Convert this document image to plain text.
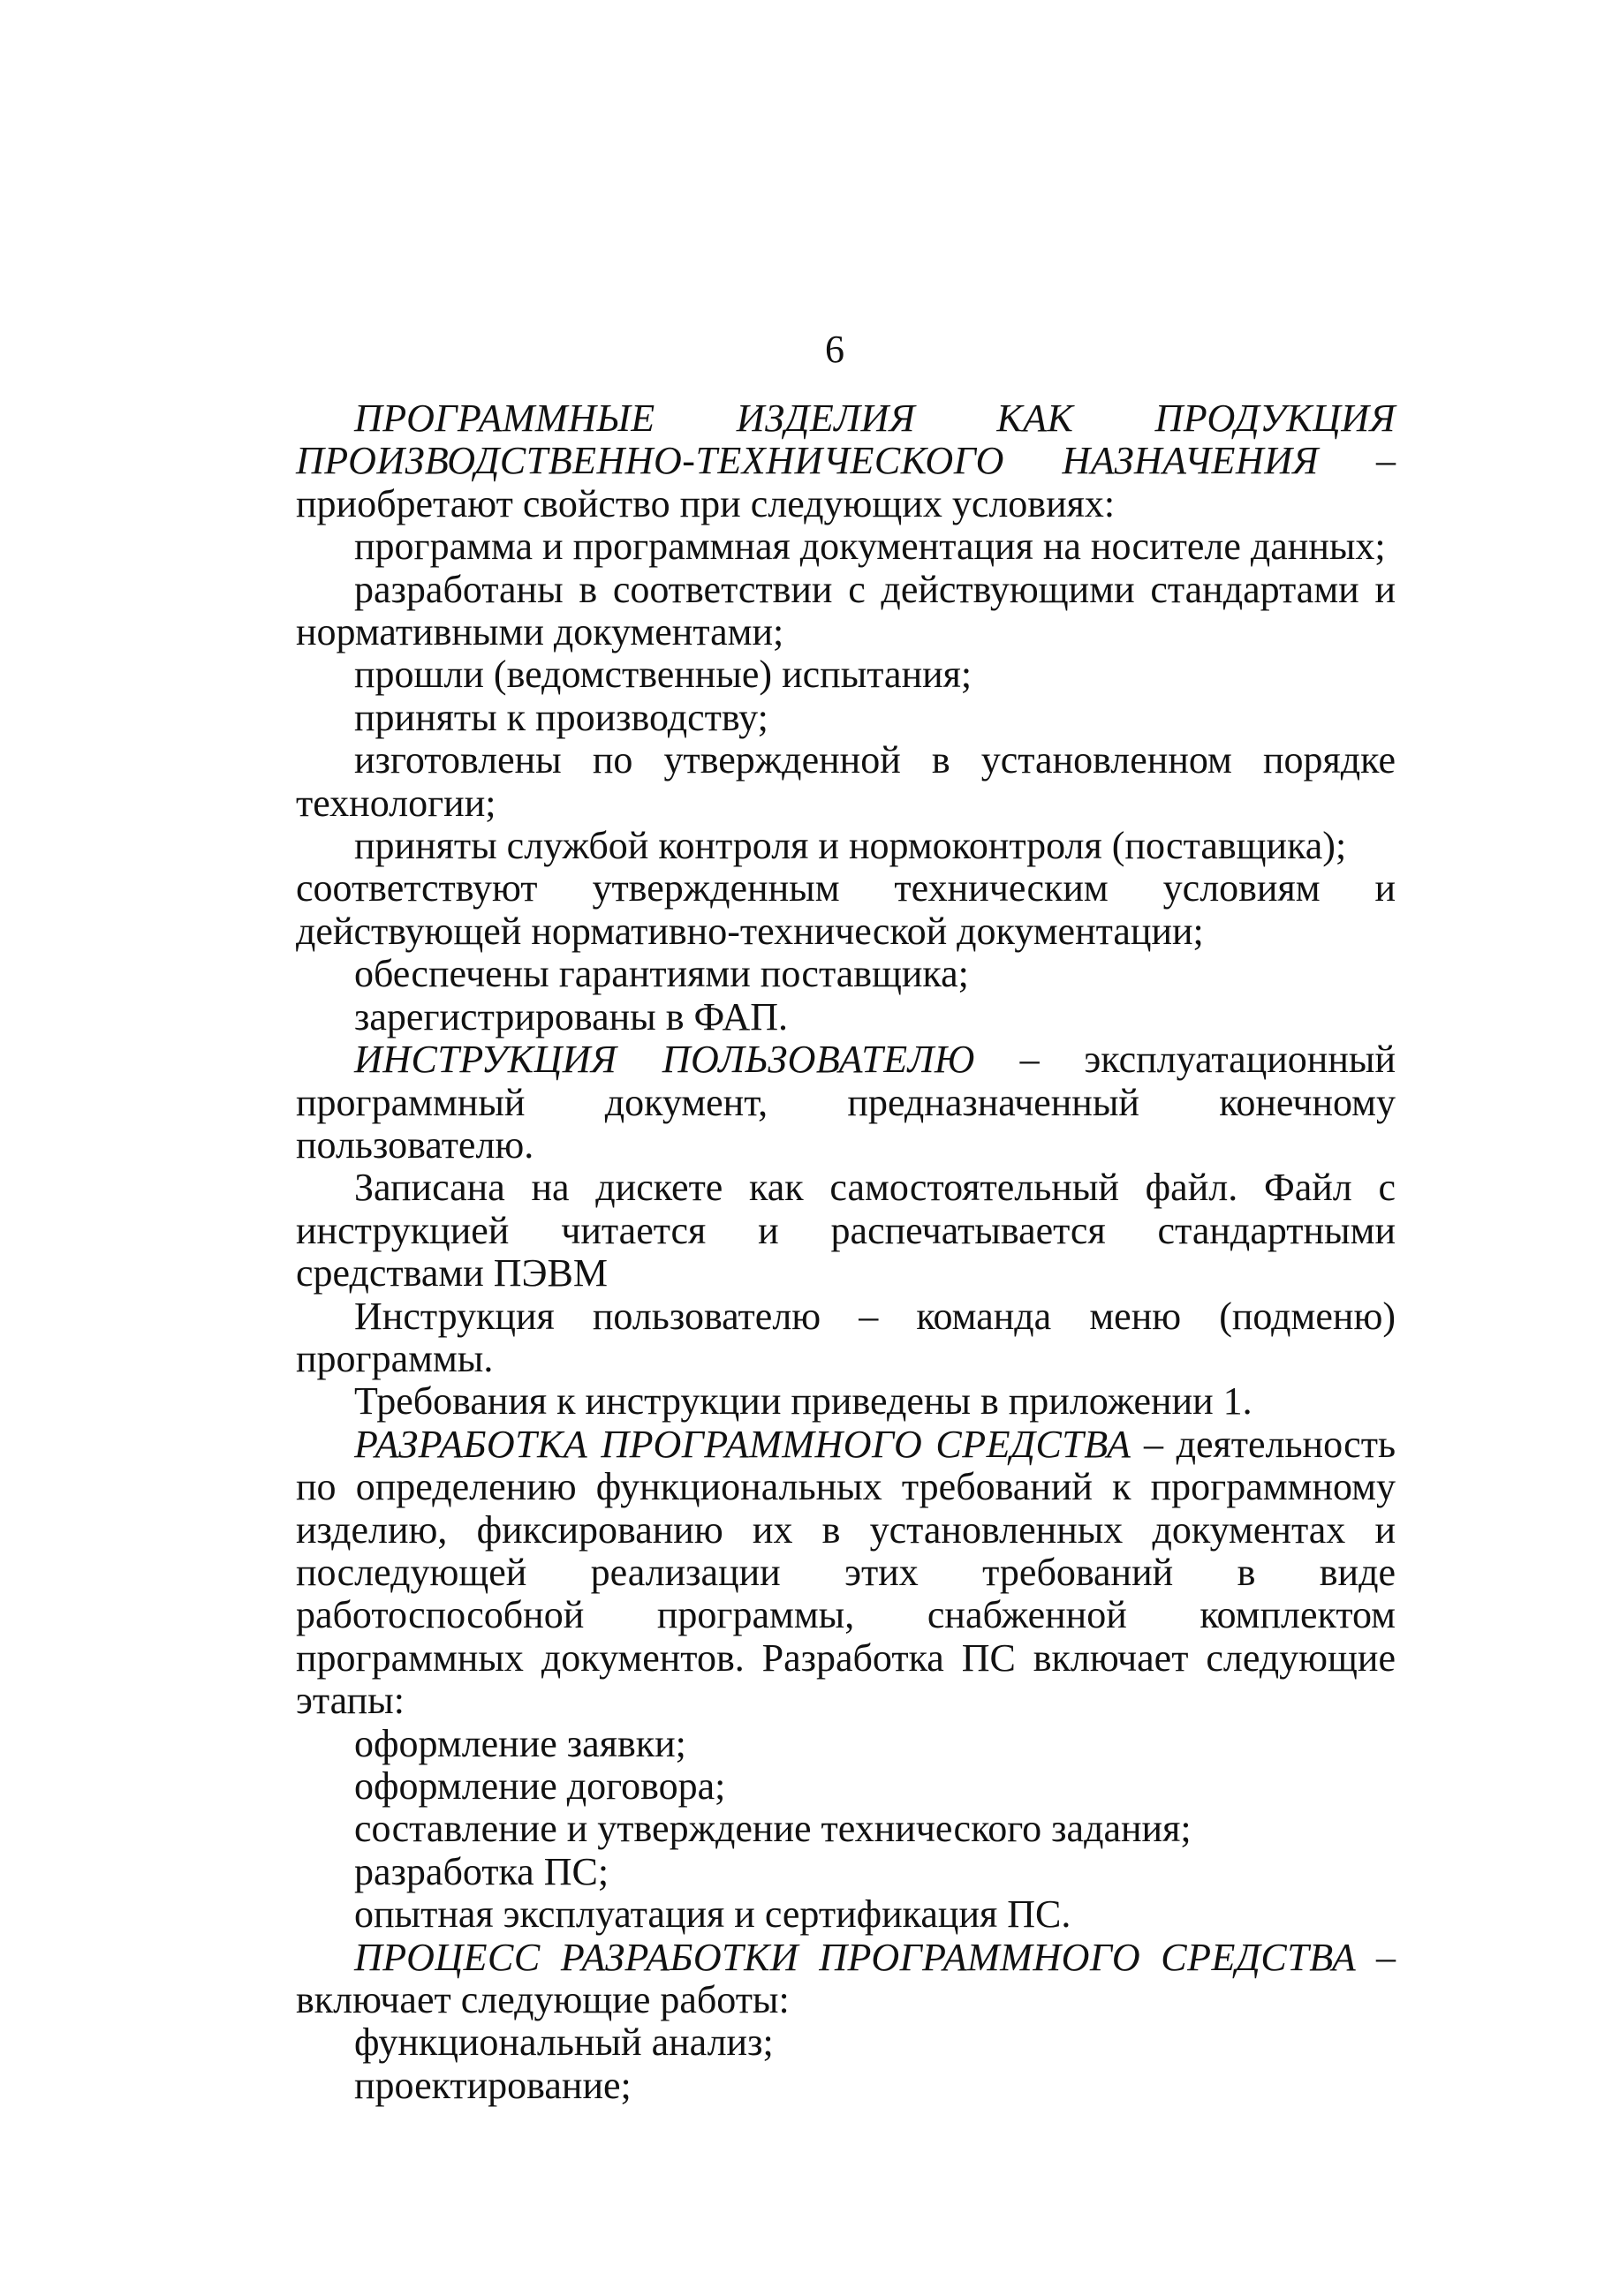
6

ПРОГРАММНЫЕ ИЗДЕЛИЯ КАК ПРОДУКЦИЯ ПРОИЗВОДСТВЕННО-ТЕХНИЧЕСКОГО НАЗНАЧЕНИЯ – приобретают свойство при следующих условиях:

программа и программная документация на носителе данных;

разработаны в соответствии с действующими стандартами и нормативными документами;

прошли (ведомственные) испытания;

приняты к производству;

изготовлены по утвержденной в установленном порядке технологии;

приняты службой контроля и нормоконтроля (поставщика);

соответствуют утвержденным техническим условиям и действующей нормативно-технической документации;

обеспечены гарантиями поставщика;

зарегистрированы в ФАП.

ИНСТРУКЦИЯ ПОЛЬЗОВАТЕЛЮ – эксплуатационный программный документ, предназначенный конечному пользователю.

Записана на дискете как самостоятельный файл. Файл с инструкцией читается и распечатывается стандартными средствами ПЭВМ

Инструкция пользователю – команда меню (подменю) программы.

Требования к инструкции приведены в приложении 1.

РАЗРАБОТКА ПРОГРАММНОГО СРЕДСТВА – деятельность по определению функциональных требований к программному изделию, фиксированию их в установленных документах и последующей реализации этих требований в виде работоспособной программы, снабженной комплектом программных документов. Разработка ПС включает следующие этапы:

оформление заявки;

оформление договора;

составление и утверждение технического задания;

разработка ПС;

опытная эксплуатация и сертификация ПС.

ПРОЦЕСС РАЗРАБОТКИ ПРОГРАММНОГО СРЕДСТВА – включает следующие работы:

функциональный анализ;

проектирование;
